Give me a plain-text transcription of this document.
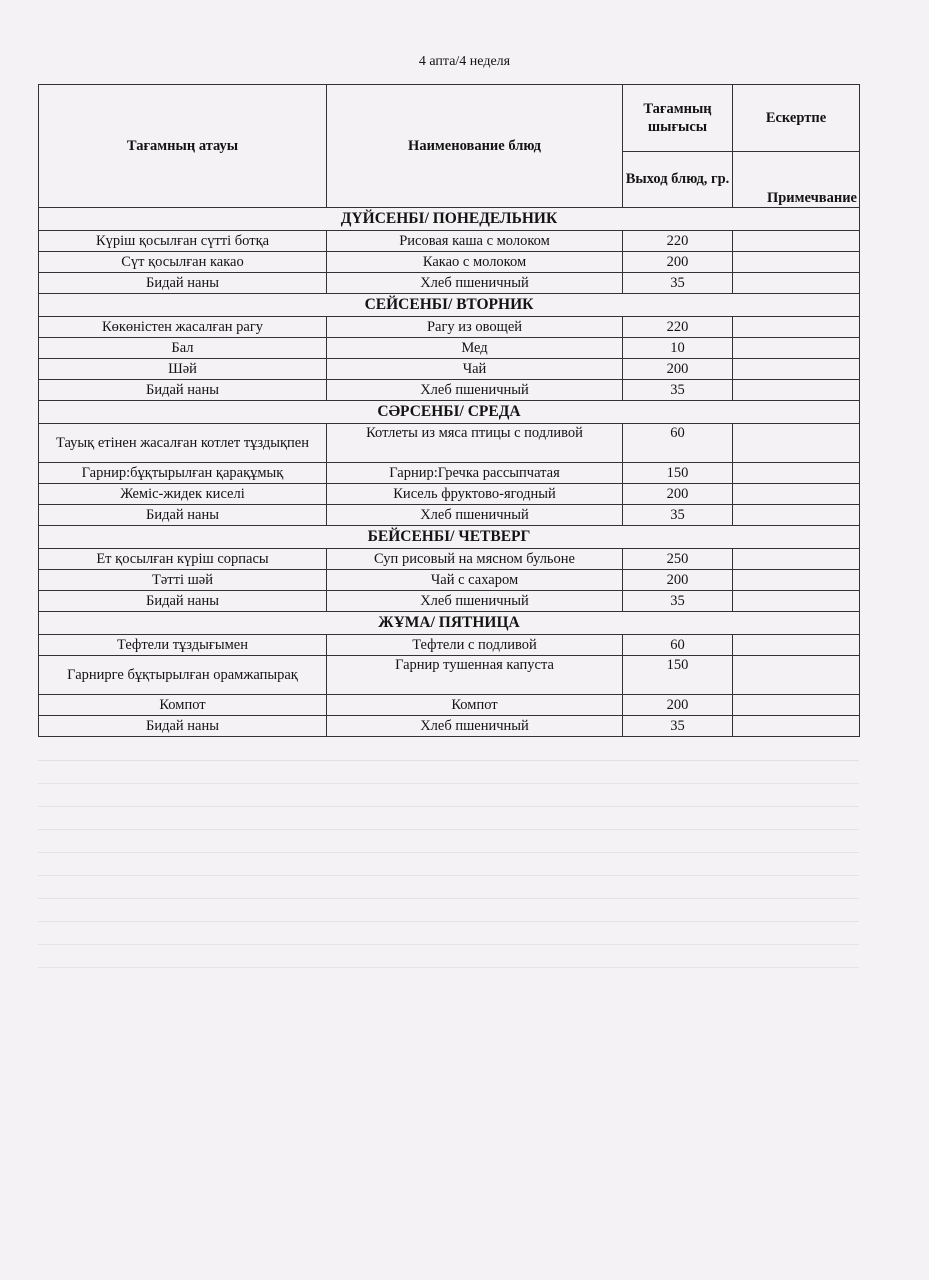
4 апта/4 неделя
Тағамның атауы	Наименование блюд	Тағамның шығысы	Ескертпе
		Выход блюд, гр.	Примечвание
ДҮЙСЕНБІ/ ПОНЕДЕЛЬНИК			
Күріш қосылған сүтті ботқа	Рисовая каша с молоком	220	
Сүт қосылған какао	Какао с молоком	200	
Бидай наны	Хлеб пшеничный	35	
СЕЙСЕНБІ/ ВТОРНИК			
Көкөністен жасалған рагу	Рагу из овощей	220	
Бал	Мед	10	
Шәй	Чай	200	
Бидай наны	Хлеб пшеничный	35	
СӘРСЕНБІ/ СРЕДА			
Тауық етінен жасалған котлет тұздықпен	Котлеты из мяса птицы с подливой	60	
Гарнир:бұқтырылған қарақұмық	Гарнир:Гречка рассыпчатая	150	
Жеміс-жидек киселі	Кисель фруктово-ягодный	200	
Бидай наны	Хлеб пшеничный	35	
БЕЙСЕНБІ/ ЧЕТВЕРГ			
Ет қосылған күріш сорпасы	Суп рисовый на мясном бульоне	250	
Тәтті шәй	Чай с сахаром	200	
Бидай наны	Хлеб пшеничный	35	
ЖҰМА/ ПЯТНИЦА			
Тефтели тұздығымен	Тефтели с подливой	60	
Гарнирге бұқтырылған орамжапырақ	Гарнир тушенная капуста	150	
Компот	Компот	200	
Бидай наны	Хлеб пшеничный	35	
